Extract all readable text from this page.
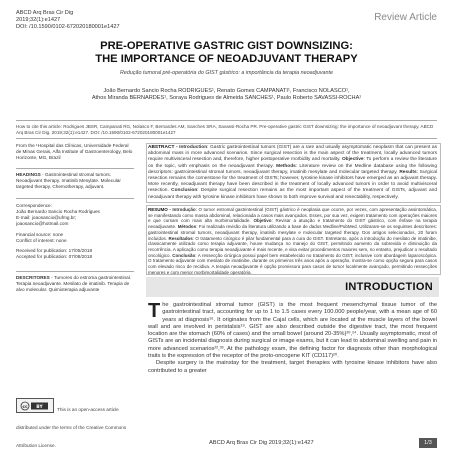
ABCD Arq Bras Cir Dig
2019;32(1):e1427
DOI: /10.1590/0102-672020180001e1427
Review Article
PRE-OPERATIVE GASTRIC GIST DOWNSIZING:
THE IMPORTANCE OF NEOADJUVANT THERAPY
Redução tumoral pré-operatória do GIST gástrico: a importância da terapia neoadjuvante
João Bernardo Sancio Rocha RODRIGUES¹, Renato Gomes CAMPANATI¹, Francisco NOLASCO¹,
Athos Miranda BERNARDES¹, Soraya Rodrigues de Almeida SANCHES¹, Paulo Roberto SAVASSI-ROCHA¹
How to cite this article: Rodrigues JBSR, Campanati RG, Nolasco F, Bernardes AM, Sanches SRA, Savassi-Rocha PR. Pre-operative gastric GIST downsizing: the importance of neoadjuvant therapy. ABCD Arq Bras Cir Dig. 2019;32(1):e1427. DOI: /10.1590/0102-672020180001e1427
From the ¹Hospital das Clínicas, Universidade Federal de Minas Gerais, Alfa Institute of Gastroenterology, Belo Horizonte, MG, Brazil
HEADINGS - Gastrointestinal stromal tumors. Neoadjuvant therapy. Imatinib Mesylate. Molecular targeted therapy. Chemotherapy, adjuvant.
Correspondence:
João Bernardo Sancio Rocha Rodrigues
E-mail: joaosancio@ufmg.br;
joaosancio@hotmail.com
Financial source: none
Conflict of interest: none
Received for publication: 17/05/2018
Accepted for publication: 07/08/2018
DESCRITORES - Tumores do estroma gastrointestinal. Terapia neoadjuvante. Mesilato de imatinib. Terapia de alvo molecular. Quimioterapia adjuvante
cc BY	This is an open-access article distributed under the terms of the Creative Commons Attribution License.
ABSTRACT - Introduction: Gastric gastrointestinal tumors (GIST) are a rare and usually asymptomatic neoplasm that can present as abdominal mass in more advanced scenarios. Since surgical resection is the main aspect of the treatment, locally advanced tumors require multivisceral resection and, therefore, higher postoperative morbidity and mortality. Objective: To perform a review the literature on the topic, with emphasis on the neoadjuvant therapy. Methods: Literature review on the Medline database using the following descriptors: gastrointestinal stromal tumors, neoadjuvant therapy, imatinib mesylate and molecular targeted therapy. Results: Surgical resection remains the cornerstone for the treatment of GISTs; however, tyrosine kinase inhibitors have emerged as an adjuvant therapy. More recently, neoadjuvant therapy have been described in the treatment of locally advanced tumors in order to avoid multivisceral resection. Conclusion: Despite surgical resection remains as the most important aspect of the treatment of GISTs, adjuvant and neoadjuvant therapy with tyrosine kinase inhibitors have shown to both improve survival and resectability, respectively.
RESUMO - Introdução: O tumor estromal gastrintestinal (GIST) gástrico é neoplasia que ocorre, por vezes, com apresentação assintomática, se manifestando como massa abdominal, relacionada a casos mais avançados. Esses, por sua vez, exigem tratamento com operações maiores e que cursam com mais alta morbimortalidade. Objetivo: Revisar a atuação e tratamento do GIST gástrico, com ênfase na terapia neoadjuvante. Métodos: Foi realizada revisão da literatura utilizando a base de dados Medline/PubMed. Utilizaram-se os seguintes descritores: gastrointestinal stromal tumors, neoadjuvant therapy, imatinib mesylate e molecular targeted therapy. Dos artigos selecionados, 20 foram incluídos. Resultados: O tratamento cirúrgico é pilar fundamental para a cura do GIST. Entretanto, após a introdução do mesilato de imatinibe, classicamente utilizado como terapia adjuvante, houve mudança no manejo do GIST, permitindo aumento da sobrevida e diminuição da recorrência. A aplicação como terapia neoadjuvante é mais recente, e visa evitar procedimentos maiores sem, no entanto, prejudicar o resultado oncológico. Conclusão: A ressecção cirúrgica possui papel bem estabelecido no tratamento do GIST, inclusive com abordagem laparoscópica. O tratamento adjuvante com mesilato de imatinibe, durante os primeiros três anos após a operação, mostra-se como opção segura para casos com elevado risco de recidiva. A terapia neoadjuvante é opção promissora para casos de tumor localmente avançado, permitindo ressecções menores e com menor morbimortalidade operatória.
INTRODUCTION
The gastrointestinal stromal tumor (GIST) is the most frequent mesenchymal tissue tumor of the gastrointestinal tract, accounting for up to 1 to 1.5 cases every 100.000 people/year, with a mean age of 60 years at diagnosis¹⁶. It originates from the Cajal cells, which are located at the muscle layers of the bowel wall and are involved in peristalsis¹⁹. GIST are also described outside the digestive tract, the most frequent location are the stomach (60% of cases) and the small bowel (around 20-35%)²⁰,²⁴. Usually asymptomatic, most of GISTs are an incidental diagnosis during surgical or image exams, but it can lead to abdominal swelling and pain in more advanced scenarios²²,³³. At the pathology exam, the defining factor for diagnosis other than morphological traits is the expression of the receptor of the proto-oncogene KIT (CD117)²⁰.
Despite surgery is the mainstay for the treatment, target therapies with tyrosine kinase inhibitors have also contributed to a greater
ABCD Arq Bras Cir Dig 2019;32(1):e1427	1/3
